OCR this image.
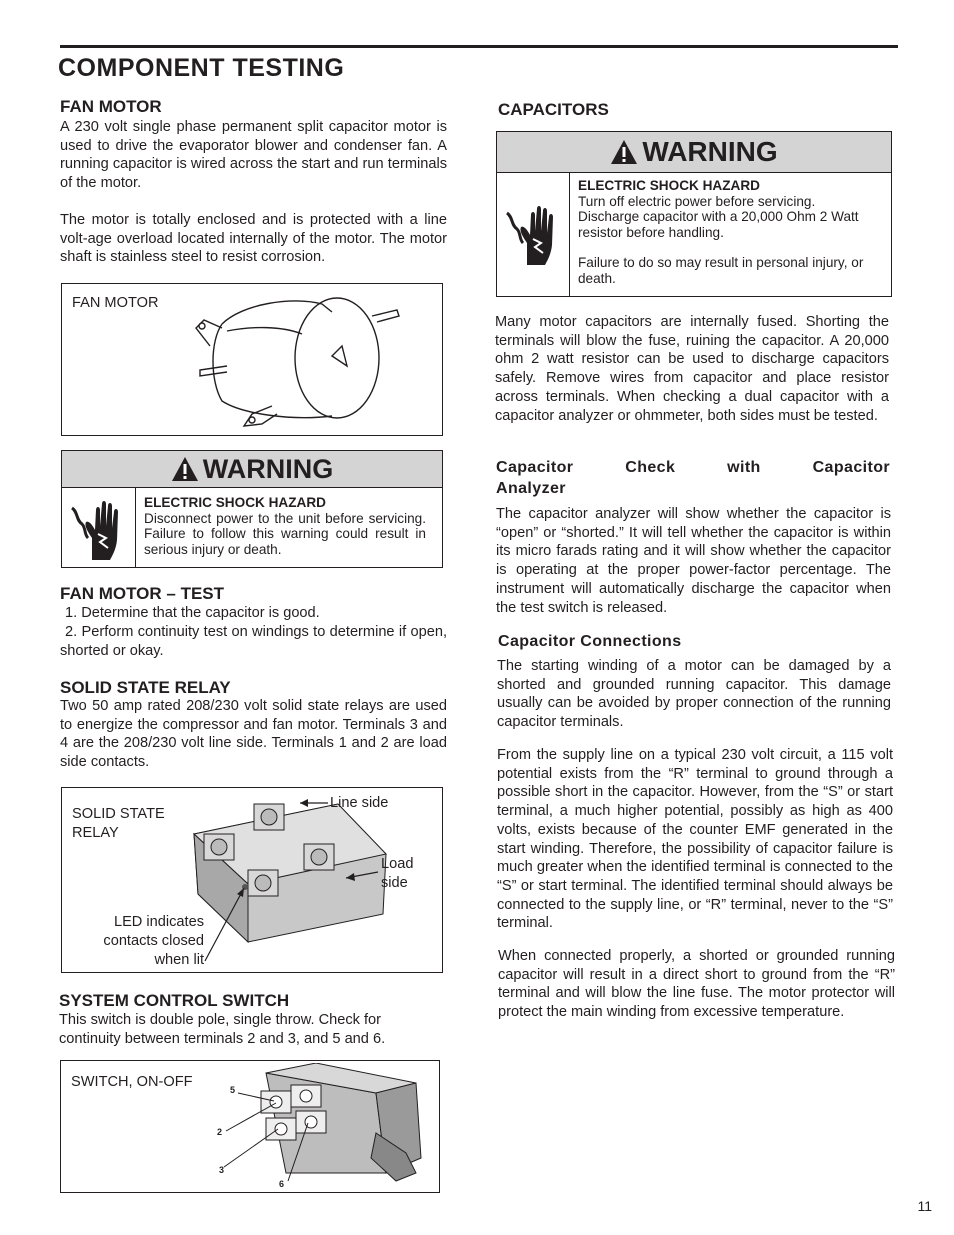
COMPONENT TESTING
FAN MOTOR
A 230 volt single phase permanent split capacitor motor is used to drive the evaporator blower and condenser fan. A running capacitor is wired across the start and run terminals of the motor.
The motor is totally enclosed and is protected with a line volt-age overload located internally of the motor. The motor shaft is stainless steel to resist corrosion.
FAN MOTOR
WARNING
ELECTRIC SHOCK HAZARD
Disconnect power to the unit before servicing. Failure to follow this warning could result in serious injury or death.
FAN MOTOR – TEST
1. Determine that the capacitor is good.
2. Perform continuity test on windings to determine if open, shorted or okay.
SOLID STATE RELAY
Two 50 amp rated 208/230 volt solid state relays are used to energize the compressor and fan motor. Terminals 3 and 4 are the 208/230 volt line side. Terminals 1 and 2 are load side contacts.
SOLID STATE
RELAY
Line side
Load
side
LED indicates
contacts closed
when lit
SYSTEM CONTROL SWITCH
This switch is double pole, single throw. Check for
continuity between terminals 2 and 3, and 5 and 6.
SWITCH, ON-OFF	5
2
3
6
CAPACITORS
WARNING
ELECTRIC SHOCK HAZARD
Turn off electric power before servicing.
Discharge capacitor with a 20,000 Ohm 2 Watt resistor before handling.
Failure to do so may result in personal injury, or death.
Many motor capacitors are internally fused. Shorting the terminals will blow the fuse, ruining the capacitor. A 20,000 ohm 2 watt resistor can be used to discharge capacitors safely. Remove wires from capacitor and place resistor across terminals. When checking a dual capacitor with a capacitor analyzer or ohmmeter, both sides must be tested.
Capacitor Check with Capacitor
Analyzer
The capacitor analyzer will show whether the capacitor is “open” or “shorted.” It will tell whether the capacitor is within its micro farads rating and it will show whether the capacitor is operating at the proper power-factor percentage. The instrument will automatically discharge the capacitor when the test switch is released.
Capacitor Connections
The starting winding of a motor can be damaged by a shorted and grounded running capacitor. This damage usually can be avoided by proper connection of the running capacitor terminals.
From the supply line on a typical 230 volt circuit, a 115 volt potential exists from the “R” terminal to ground through a possible short in the capacitor. However, from the “S” or start terminal, a much higher potential, possibly as high as 400 volts, exists because of the counter EMF generated in the start winding. Therefore, the possibility of capacitor failure is much greater when the identified terminal is connected to the “S” or start terminal. The identified terminal should always be connected to the supply line, or “R” terminal, never to the “S” terminal.
When connected properly, a shorted or grounded running capacitor will result in a direct short to ground from the “R” terminal and will blow the line fuse. The motor protector will protect the main winding from excessive temperature.
11
